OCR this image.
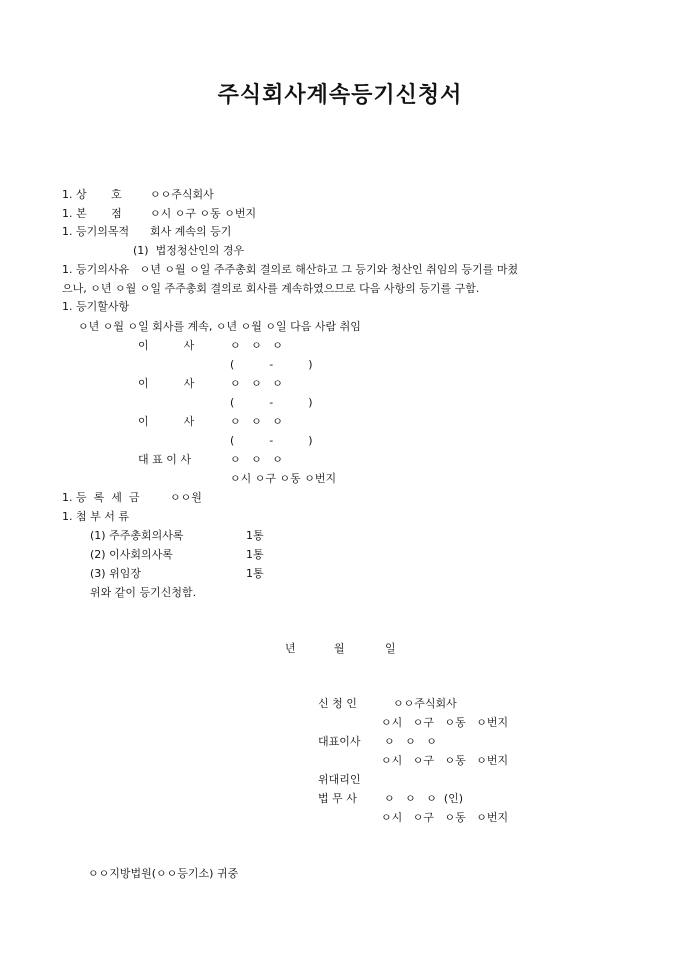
주식회사계속등기신청서
1. 상       호	ㅇㅇ주식회사
1. 본       점	ㅇ시 ㅇ구 ㅇ동 ㅇ번지
1. 등기의목적 회사 계속의 등기
(1)  법정청산인의 경우
1. 등기의사유   ㅇ년 ㅇ월 ㅇ일 주주총회 결의로 해산하고 그 등기와 청산인 취임의 등기를 마쳤
으나, ㅇ년 ㅇ월 ㅇ일 주주총회 결의로 회사를 계속하였으므로 다음 사항의 등기를 구함.
1. 등기할사항
ㅇ년 ㅇ월 ㅇ일 회사를 계속, ㅇ년 ㅇ월 ㅇ일 다음 사람 취임
이          사	ㅇ   ㅇ   ㅇ
(          -          )
이          사	ㅇ   ㅇ   ㅇ
(          -          )
이          사	ㅇ   ㅇ   ㅇ
(          -          )
대 표 이 사	ㅇ   ㅇ   ㅇ
ㅇ시 ㅇ구 ㅇ동 ㅇ번지
1. 등  록  세  금	ㅇㅇ원
1. 첨 부 서 류
(1) 주주총회의사록	1통
(2) 이사회의사록	1통
(3) 위임장	1통
위와 같이 등기신청함.
년	월	일
신 청 인	ㅇㅇ주식회사
ㅇ시   ㅇ구   ㅇ동   ㅇ번지
대표이사 ㅇ   ㅇ   ㅇ
ㅇ시   ㅇ구   ㅇ동   ㅇ번지
위대리인
법 무 사 ㅇ   ㅇ   ㅇ  (인)
ㅇ시   ㅇ구   ㅇ동   ㅇ번지
ㅇㅇ지방법원(ㅇㅇ등기소) 귀중
